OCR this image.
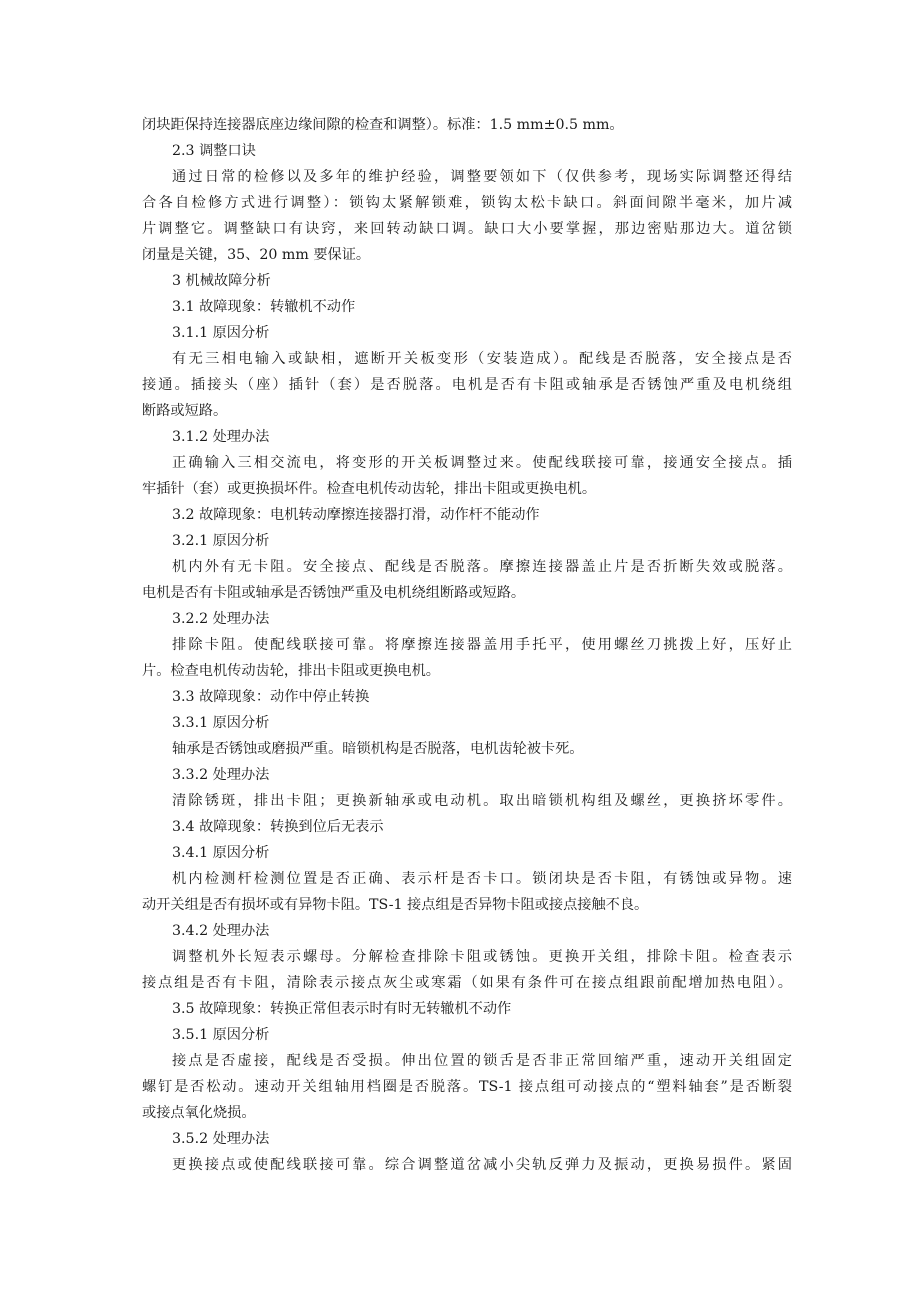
闭块距保持连接器底座边缘间隙的检查和调整）。标准：1.5 mm±0.5 mm。
2.3 调整口诀
通过日常的检修以及多年的维护经验，调整要领如下（仅供参考，现场实际调整还得结
合各自检修方式进行调整）：锁钩太紧解锁难，锁钩太松卡缺口。斜面间隙半毫米，加片减
片调整它。调整缺口有诀窍，来回转动缺口调。缺口大小要掌握，那边密贴那边大。道岔锁
闭量是关键，35、20 mm 要保证。
3 机械故障分析
3.1 故障现象：转辙机不动作
3.1.1 原因分析
有无三相电输入或缺相，遮断开关板变形（安装造成）。配线是否脱落，安全接点是否
接通。插接头（座）插针（套）是否脱落。电机是否有卡阻或轴承是否锈蚀严重及电机绕组
断路或短路。
3.1.2 处理办法
正确输入三相交流电，将变形的开关板调整过来。使配线联接可靠，接通安全接点。插
牢插针（套）或更换损坏件。检查电机传动齿轮，排出卡阻或更换电机。
3.2 故障现象：电机转动摩擦连接器打滑，动作杆不能动作
3.2.1 原因分析
机内外有无卡阻。安全接点、配线是否脱落。摩擦连接器盖止片是否折断失效或脱落。
电机是否有卡阻或轴承是否锈蚀严重及电机绕组断路或短路。
3.2.2 处理办法
排除卡阻。使配线联接可靠。将摩擦连接器盖用手托平，使用螺丝刀挑拨上好，压好止
片。检查电机传动齿轮，排出卡阻或更换电机。
3.3 故障现象：动作中停止转换
3.3.1 原因分析
轴承是否锈蚀或磨损严重。暗锁机构是否脱落，电机齿轮被卡死。
3.3.2 处理办法
清除锈斑，排出卡阻；更换新轴承或电动机。取出暗锁机构组及螺丝，更换挤坏零件。
3.4 故障现象：转换到位后无表示
3.4.1 原因分析
机内检测杆检测位置是否正确、表示杆是否卡口。锁闭块是否卡阻，有锈蚀或异物。速
动开关组是否有损坏或有异物卡阻。TS-1 接点组是否异物卡阻或接点接触不良。
3.4.2 处理办法
调整机外长短表示螺母。分解检查排除卡阻或锈蚀。更换开关组，排除卡阻。检查表示
接点组是否有卡阻，清除表示接点灰尘或寒霜（如果有条件可在接点组跟前配增加热电阻）。
3.5 故障现象：转换正常但表示时有时无转辙机不动作
3.5.1 原因分析
接点是否虚接，配线是否受损。伸出位置的锁舌是否非正常回缩严重，速动开关组固定
螺钉是否松动。速动开关组轴用档圈是否脱落。TS-1 接点组可动接点的“塑料轴套”是否断裂
或接点氧化烧损。
3.5.2 处理办法
更换接点或使配线联接可靠。综合调整道岔减小尖轨反弹力及振动，更换易损件。紧固
